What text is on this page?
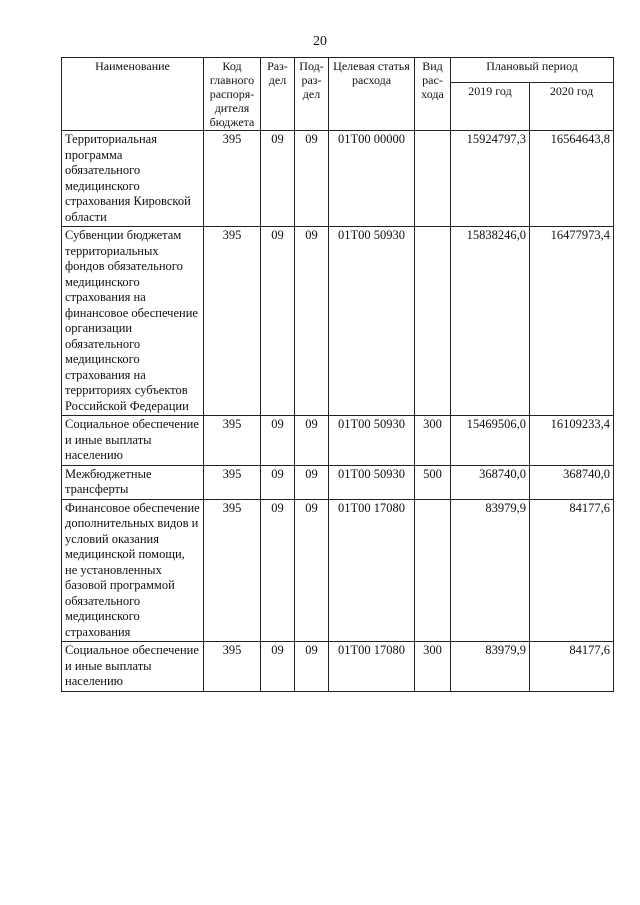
20
Наименование	Код главного распоря-дителя бюджета	Раз-дел	Под-раз-дел	Целевая статья расхода	Вид рас-хода	Плановый период	
						2019 год	2020 год
Территориальная программа обязательного медицинского страхования Кировской области	395	09	09	01Т00 00000		15924797,3	16564643,8
Субвенции бюджетам территориальных фондов обязательного медицинского страхования на финансовое обеспечение организации обязательного медицинского страхования на территориях субъектов Российской Федерации	395	09	09	01Т00 50930		15838246,0	16477973,4
Социальное обеспечение и иные выплаты населению	395	09	09	01Т00 50930	300	15469506,0	16109233,4
Межбюджетные трансферты	395	09	09	01Т00 50930	500	368740,0	368740,0
Финансовое обеспечение дополнительных видов и условий оказания медицинской помощи, не установленных базовой программой обязательного медицинского страхования	395	09	09	01Т00 17080		83979,9	84177,6
Социальное обеспечение и иные выплаты населению	395	09	09	01Т00 17080	300	83979,9	84177,6
